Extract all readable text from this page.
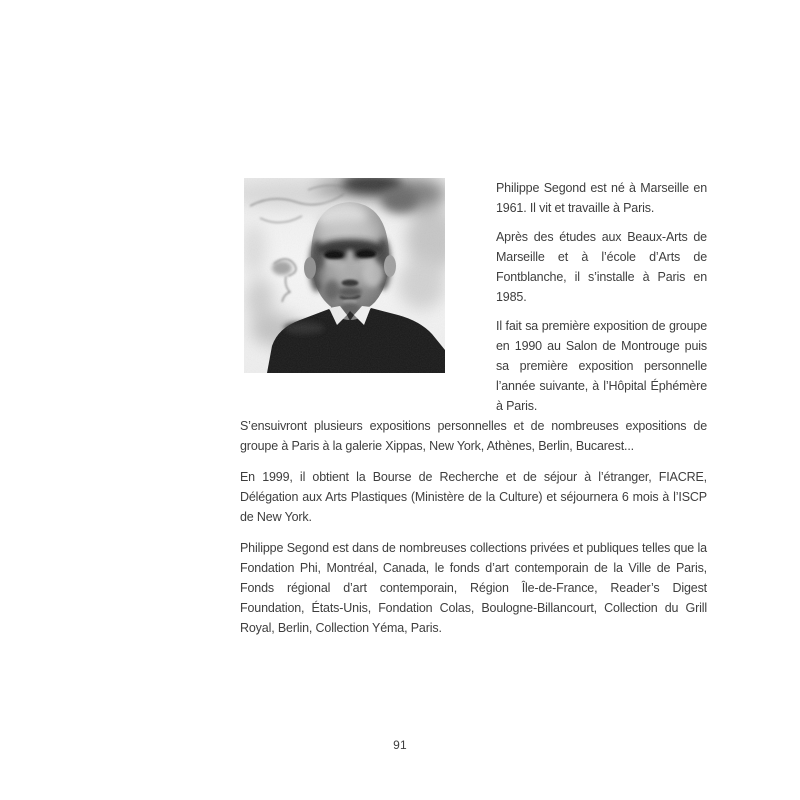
Philippe Segond est né à Marseille en 1961. Il vit et travaille à Paris.

Après des études aux Beaux-Arts de Marseille et à l’école d’Arts de Fontblanche, il s’installe à Paris en 1985.

Il fait sa première exposition de groupe en 1990 au Salon de Montrouge puis sa première exposition personnelle l’année suivante, à l’Hôpital Éphémère à Paris.

S’ensuivront plusieurs expositions personnelles et de nombreuses expositions de groupe à Paris à la galerie Xippas, New York, Athènes, Berlin, Bucarest...

En 1999, il obtient la Bourse de Recherche et de séjour à l’étranger, FIACRE, Délégation aux Arts Plastiques (Ministère de la Culture) et séjournera 6 mois à l’ISCP de New York.

Philippe Segond est dans de nombreuses collections privées et publiques telles que la Fondation Phi, Montréal, Canada, le fonds d’art contemporain de la Ville de Paris, Fonds régional d’art contemporain, Région Île-de-France, Reader’s Digest Foundation, États-Unis, Fondation Colas, Boulogne-Billancourt, Collection du Grill Royal, Berlin, Collection Yéma, Paris.

91
